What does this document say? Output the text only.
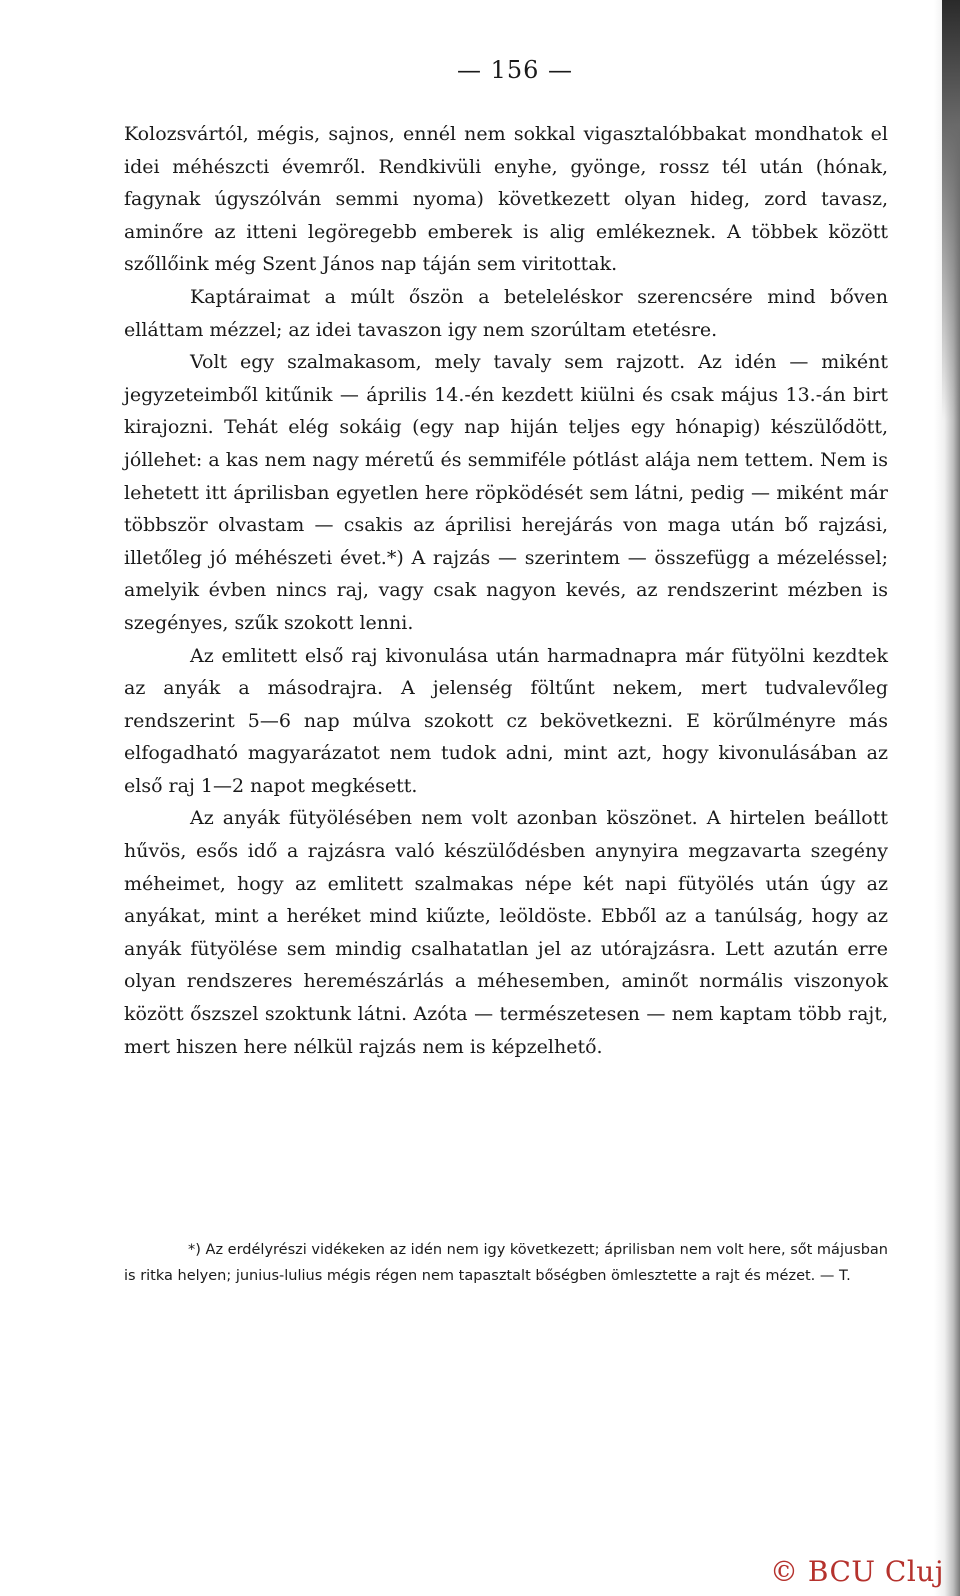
— 156 —

Kolozsvártól, mégis, sajnos, ennél nem sokkal vigasztalóbbakat mondhatok el idei méhészcti évemről. Rendkivüli enyhe, gyönge, rossz tél után (hónak, fagynak úgyszólván semmi nyoma) következett olyan hideg, zord tavasz, aminőre az itteni legöregebb emberek is alig emlékeznek. A többek között szőllőink még Szent János nap táján sem viritottak.

Kaptáraimat a múlt őszön a beteleléskor szerencsére mind bőven elláttam mézzel; az idei tavaszon igy nem szorúltam etetésre.

Volt egy szalmakasom, mely tavaly sem rajzott. Az idén — miként jegyzeteimből kitűnik — április 14.-én kezdett kiülni és csak május 13.-án birt kirajozni. Tehát elég sokáig (egy nap hiján teljes egy hónapig) készülődött, jóllehet: a kas nem nagy méretű és semmiféle pótlást alája nem tettem. Nem is lehetett itt áprilisban egyetlen here röpködését sem látni, pedig — miként már többször olvastam — csakis az áprilisi herejárás von maga után bő rajzási, illetőleg jó méhészeti évet.*) A rajzás — szerintem — összefügg a mézeléssel; amelyik évben nincs raj, vagy csak nagyon kevés, az rendszerint mézben is szegényes, szűk szokott lenni.

Az emlitett első raj kivonulása után harmadnapra már fütyölni kezdtek az anyák a másodrajra. A jelenség föltűnt nekem, mert tudvalevőleg rendszerint 5—6 nap múlva szokott cz bekövetkezni. E körűlményre más elfogadható magyarázatot nem tudok adni, mint azt, hogy kivonulásában az első raj 1—2 napot megkésett.

Az anyák fütyölésében nem volt azonban köszönet. A hirtelen beállott hűvös, esős idő a rajzásra való készülődésben anynyira megzavarta szegény méheimet, hogy az emlitett szalmakas népe két napi fütyölés után úgy az anyákat, mint a heréket mind kiűzte, leöldöste. Ebből az a tanúlság, hogy az anyák fütyölése sem mindig csalhatatlan jel az utórajzásra. Lett azután erre olyan rendszeres heremészárlás a méhesemben, aminőt normális viszonyok között őszszel szoktunk látni. Azóta — természetesen — nem kaptam több rajt, mert hiszen here nélkül rajzás nem is képzelhető.

*) Az erdélyrészi vidékeken az idén nem igy következett; áprilisban nem volt here, sőt májusban is ritka helyen; junius-lulius mégis régen nem tapasztalt bőségben ömlesztette a rajt és mézet. — T.

© BCU Cluj
